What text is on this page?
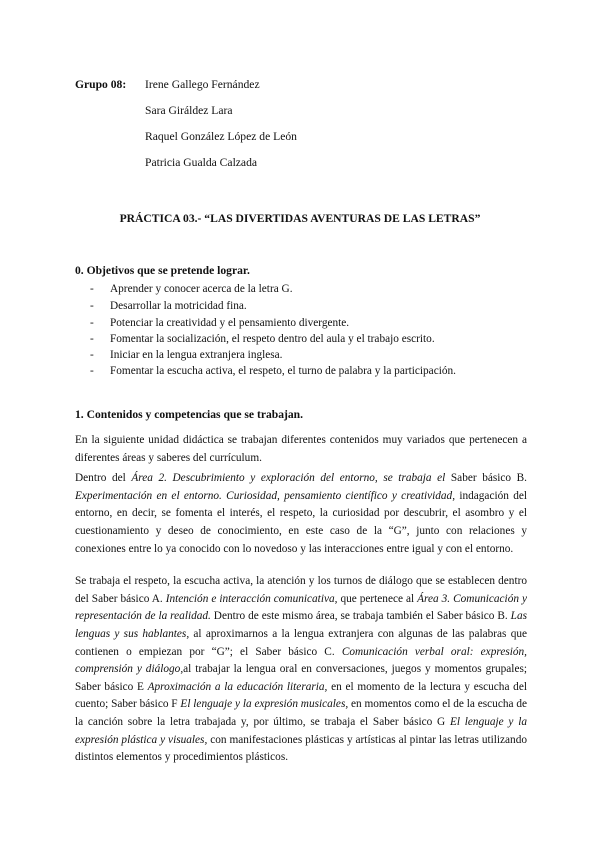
Grupo 08: Irene Gallego Fernández
Sara Giráldez Lara
Raquel González López de León
Patricia Gualda Calzada
PRÁCTICA 03.- “LAS DIVERTIDAS AVENTURAS DE LAS LETRAS”
0. Objetivos que se pretende lograr.
- Aprender y conocer acerca de la letra G.
- Desarrollar la motricidad fina.
- Potenciar la creatividad y el pensamiento divergente.
- Fomentar la socialización, el respeto dentro del aula y el trabajo escrito.
- Iniciar en la lengua extranjera inglesa.
- Fomentar la escucha activa, el respeto, el turno de palabra y la participación.
1. Contenidos y competencias que se trabajan.

En la siguiente unidad didáctica se trabajan diferentes contenidos muy variados que pertenecen a diferentes áreas y saberes del currículum.

Dentro del Área 2. Descubrimiento y exploración del entorno, se trabaja el Saber básico B. Experimentación en el entorno. Curiosidad, pensamiento científico y creatividad, indagación del entorno, en decir, se fomenta el interés, el respeto, la curiosidad por descubrir, el asombro y el cuestionamiento y deseo de conocimiento, en este caso de la “G”, junto con relaciones y conexiones entre lo ya conocido con lo novedoso y las interacciones entre igual y con el entorno.

Se trabaja el respeto, la escucha activa, la atención y los turnos de diálogo que se establecen dentro del Saber básico A. Intención e interacción comunicativa, que pertenece al Área 3. Comunicación y representación de la realidad. Dentro de este mismo área, se trabaja también el Saber básico B. Las lenguas y sus hablantes, al aproximarnos a la lengua extranjera con algunas de las palabras que contienen o empiezan por “G”; el Saber básico C. Comunicación verbal oral: expresión, comprensión y diálogo,al trabajar la lengua oral en conversaciones, juegos y momentos grupales; Saber básico E Aproximación a la educación literaria, en el momento de la lectura y escucha del cuento; Saber básico F El lenguaje y la expresión musicales, en momentos como el de la escucha de la canción sobre la letra trabajada y, por último, se trabaja el Saber básico G El lenguaje y la expresión plástica y visuales, con manifestaciones plásticas y artísticas al pintar las letras utilizando distintos elementos y procedimientos plásticos.
